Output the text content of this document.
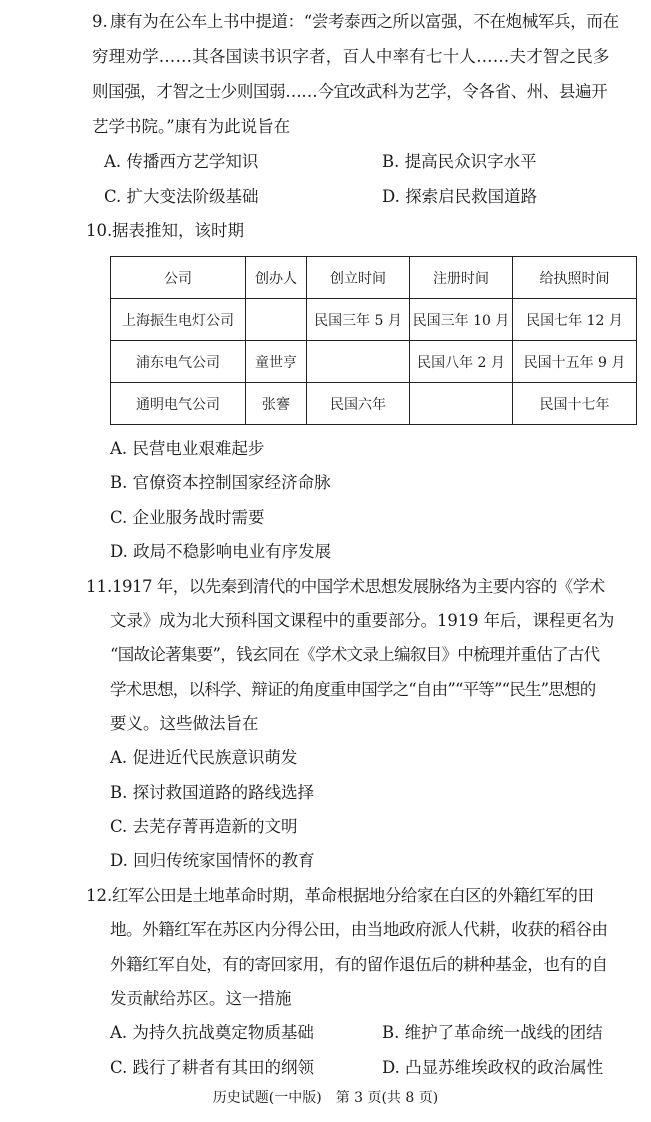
9. 康有为在公车上书中提道：“尝考泰西之所以富强，不在炮械军兵，而在
穷理劝学……其各国读书识字者，百人中率有七十人……夫才智之民多
则国强，才智之士少则国弱……今宜改武科为艺学，令各省、州、县遍开
艺学书院。”康有为此说旨在
A. 传播西方艺学知识	B. 提高民众识字水平
C. 扩大变法阶级基础	D. 探索启民救国道路
10. 据表推知，该时期
公司	创办人	创立时间	注册时间	给执照时间
上海振生电灯公司		民国三年 5 月	民国三年 10 月	民国七年 12 月
浦东电气公司	童世亨		民国八年 2 月	民国十五年 9 月
通明电气公司	张謇	民国六年		民国十七年
A. 民营电业艰难起步
B. 官僚资本控制国家经济命脉
C. 企业服务战时需要
D. 政局不稳影响电业有序发展
11. 1917 年，以先秦到清代的中国学术思想发展脉络为主要内容的《学术
文录》成为北大预科国文课程中的重要部分。1919 年后，课程更名为
“国故论著集要”，钱玄同在《学术文录上编叙目》中梳理并重估了古代
学术思想，以科学、辩证的角度重申国学之“自由”“平等”“民生”思想的
要义。这些做法旨在
A. 促进近代民族意识萌发
B. 探讨救国道路的路线选择
C. 去芜存菁再造新的文明
D. 回归传统家国情怀的教育
12. 红军公田是土地革命时期，革命根据地分给家在白区的外籍红军的田
地。外籍红军在苏区内分得公田，由当地政府派人代耕，收获的稻谷由
外籍红军自处，有的寄回家用，有的留作退伍后的耕种基金，也有的自
发贡献给苏区。这一措施
A. 为持久抗战奠定物质基础	B. 维护了革命统一战线的团结
C. 践行了耕者有其田的纲领	D. 凸显苏维埃政权的政治属性
历史试题(一中版)　第 3 页(共 8 页)
